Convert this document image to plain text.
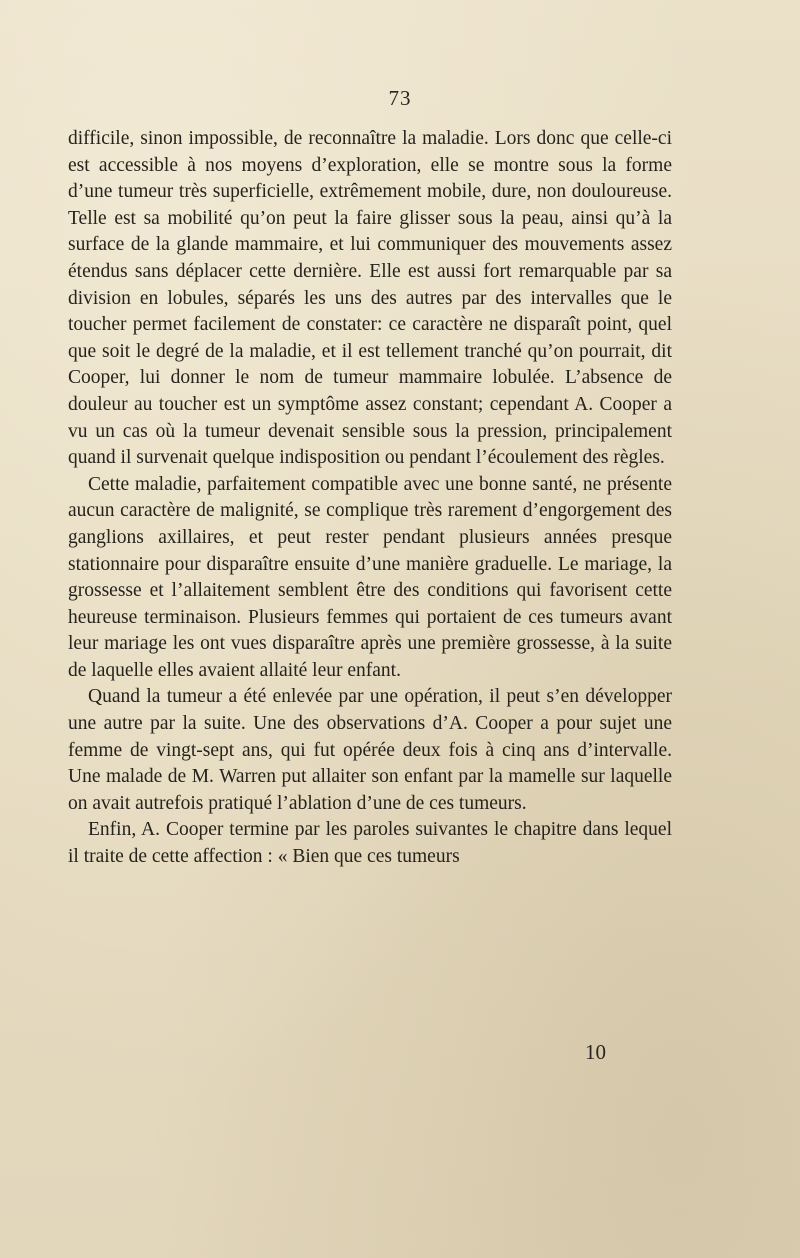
73

difficile, sinon impossible, de reconnaître la maladie. Lors donc que celle-ci est accessible à nos moyens d’exploration, elle se montre sous la forme d’une tumeur très superficielle, extrêmement mobile, dure, non douloureuse. Telle est sa mobilité qu’on peut la faire glisser sous la peau, ainsi qu’à la surface de la glande mammaire, et lui communiquer des mouvements assez étendus sans déplacer cette dernière. Elle est aussi fort remarquable par sa division en lobules, séparés les uns des autres par des intervalles que le toucher permet facilement de constater: ce caractère ne disparaît point, quel que soit le degré de la maladie, et il est tellement tranché qu’on pourrait, dit Cooper, lui donner le nom de tumeur mammaire lobulée. L’absence de douleur au toucher est un symptôme assez constant; cependant A. Cooper a vu un cas où la tumeur devenait sensible sous la pression, principalement quand il survenait quelque indisposition ou pendant l’écoulement des règles.

Cette maladie, parfaitement compatible avec une bonne santé, ne présente aucun caractère de malignité, se complique très rarement d’engorgement des ganglions axillaires, et peut rester pendant plusieurs années presque stationnaire pour disparaître ensuite d’une manière graduelle. Le mariage, la grossesse et l’allaitement semblent être des conditions qui favorisent cette heureuse terminaison. Plusieurs femmes qui portaient de ces tumeurs avant leur mariage les ont vues disparaître après une première grossesse, à la suite de laquelle elles avaient allaité leur enfant.

Quand la tumeur a été enlevée par une opération, il peut s’en développer une autre par la suite. Une des observations d’A. Cooper a pour sujet une femme de vingt-sept ans, qui fut opérée deux fois à cinq ans d’intervalle. Une malade de M. Warren put allaiter son enfant par la mamelle sur laquelle on avait autrefois pratiqué l’ablation d’une de ces tumeurs.

Enfin, A. Cooper termine par les paroles suivantes le chapitre dans lequel il traite de cette affection : « Bien que ces tumeurs

10
